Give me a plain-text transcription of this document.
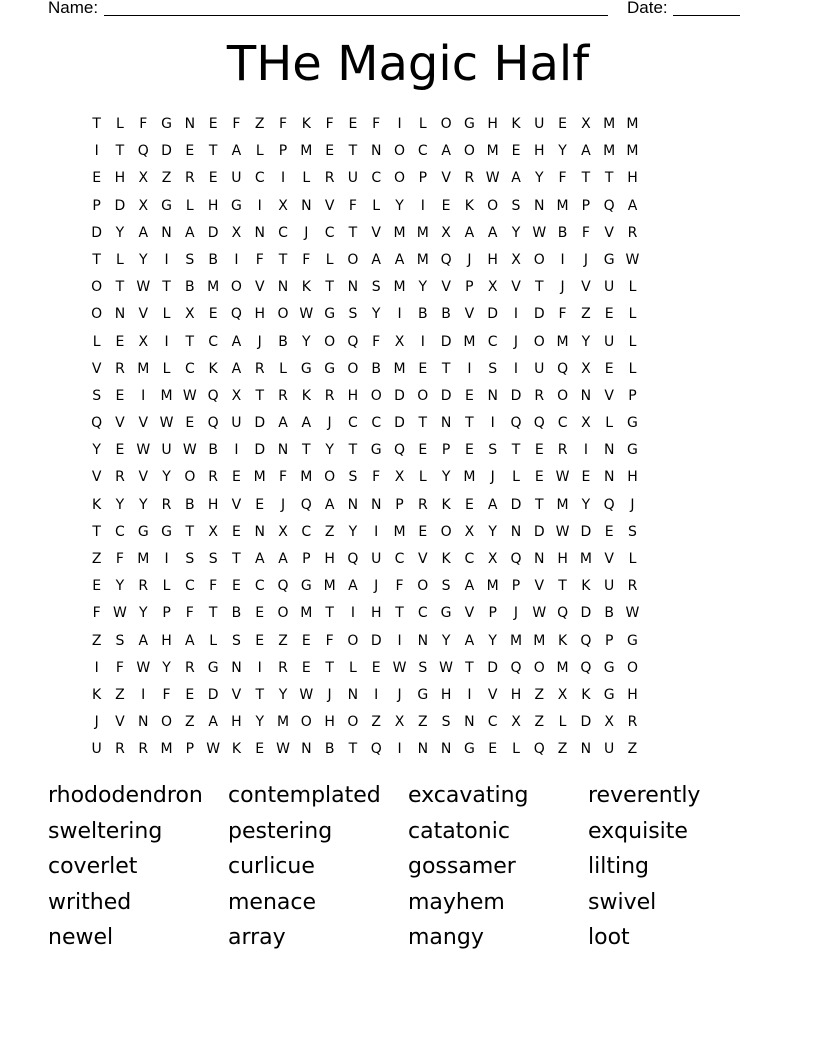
Name:	Date:
THe Magic Half
T	L	F G N E	F	Z	F	K	F	E	F	I	L O G H K U E	X M M
I	T Q D E	T	A	L	P M E	T N O C A O M E H Y	A M M
E H X Z R	E U C	I	L	R U C O P	V R W A	Y	F	T	T H
P D X G L	H G	I	X N V	F	L	Y	I	E	K O S N M P Q A
D Y	A N A D X N C	J	C	T	V M M X A A	Y W B	F	V R
T	L	Y	I	S	B	I	F	T	F	L O A A M Q	J	H X O	I	J	G W
O T W T	B M O V N K	T N S M Y	V	P	X V	T	J	V U	L
O N V	L	X	E Q H O W G S	Y	I	B B V D	I	D F	Z	E	L
L	E	X	I	T	C A	J	B	Y O Q F	X	I	D M C	J	O M Y U	L
V R M L	C K A R	L G G O B M E	T	I	S	I	U Q X	E	L
S	E	I	M W Q X	T	R K R H O D O D E N D R O N V	P
Q V V W E Q U D A A	J	C C D T N T	I	Q Q C X	L G
Y	E W U W B	I	D N T	Y	T G Q E	P	E	S	T	E	R	I	N G
V R V	Y O R	E M F M O S	F	X	L	Y M	J	L	E W E N H
K	Y	Y	R B H V	E	J	Q A N N P	R K	E	A D T M Y Q	J
T	C G G T	X	E N X C Z	Y	I	M E O X	Y N D W D E	S
Z	F M	I	S	S	T	A A	P H Q U C V K C X Q N H M V	L
E	Y	R	L	C	F	E C Q G M A	J	F O S	A M P	V	T	K U R
F W Y	P	F	T	B	E O M T	I	H T	C G V	P	J	W Q D B W
Z	S	A H A	L	S	E	Z	E	F O D	I	N Y	A	Y M M K Q P G
I	F W Y	R G N	I	R	E	T	L	E W S W T D Q O M Q G O
K Z	I	F	E D V	T	Y W	J	N	I	J	G H	I	V H Z X K G H
J	V N O Z A H Y M O H O Z X Z	S N C X Z	L	D X R
U R R M P W K	E W N B	T Q	I	N N G E	L Q Z N U Z
rhododendron	contemplated	excavating	reverently
sweltering	pestering	catatonic	exquisite
coverlet	curlicue	gossamer	lilting
writhed	menace	mayhem	swivel
newel	array	mangy	loot
